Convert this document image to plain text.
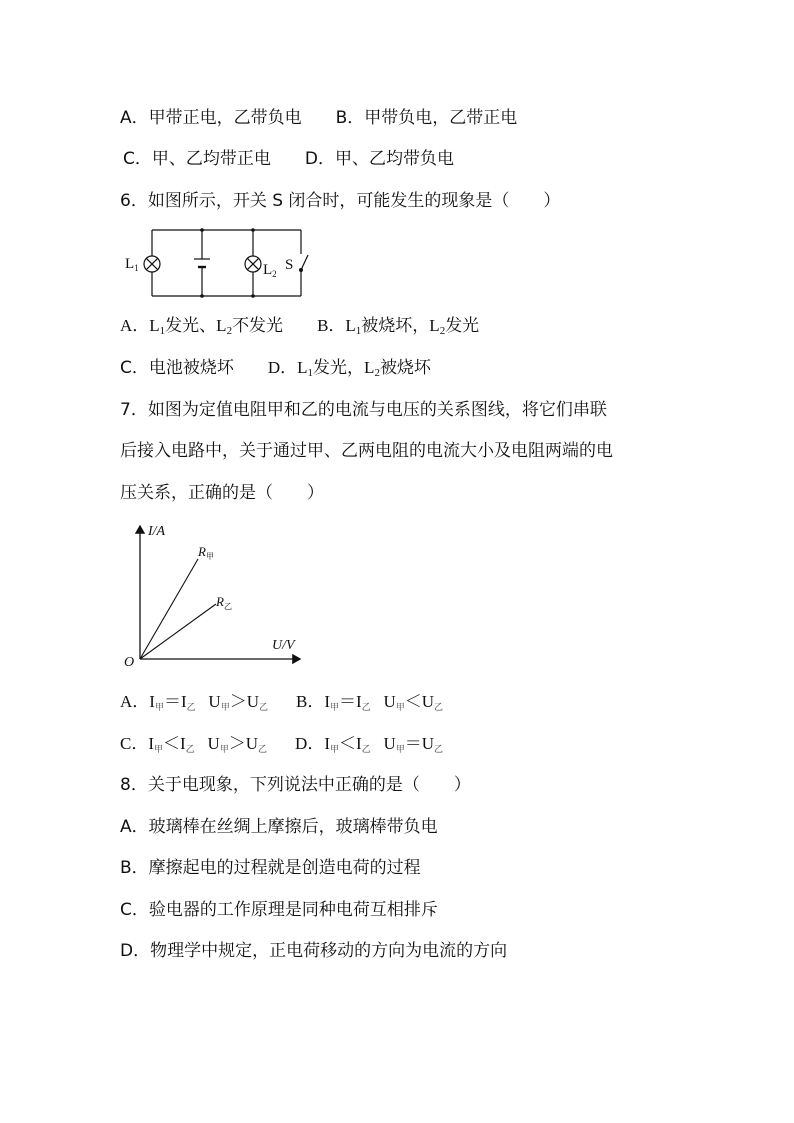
A．甲带正电，乙带负电 B．甲带负电，乙带正电
C．甲、乙均带正电 D．甲、乙均带负电
6．如图所示，开关 S 闭合时，可能发生的现象是（　　）
$L_1$	$L_2$
S
A．$L_1$发光、$L_2$不发光 B．$L_1$被烧坏，$L_2$发光
C．电池被烧坏 D．$L_1$发光，$L_2$被烧坏
7．如图为定值电阻甲和乙的电流与电压的关系图线，将它们串联
后接入电路中，关于通过甲、乙两电阻的电流大小及电阻两端的电
压关系，正确的是（　　）
I/A
U/V
O
$R_甲$
$R_乙$
A．I甲＝I乙 U甲＞U乙 B．I甲＝I乙 U甲＜U乙
C．I甲＜I乙 U甲＞U乙 D．I甲＜I乙 U甲＝U乙
8．关于电现象，下列说法中正确的是（　　）
A．玻璃棒在丝绸上摩擦后，玻璃棒带负电
B．摩擦起电的过程就是创造电荷的过程
C．验电器的工作原理是同种电荷互相排斥
D．物理学中规定，正电荷移动的方向为电流的方向
